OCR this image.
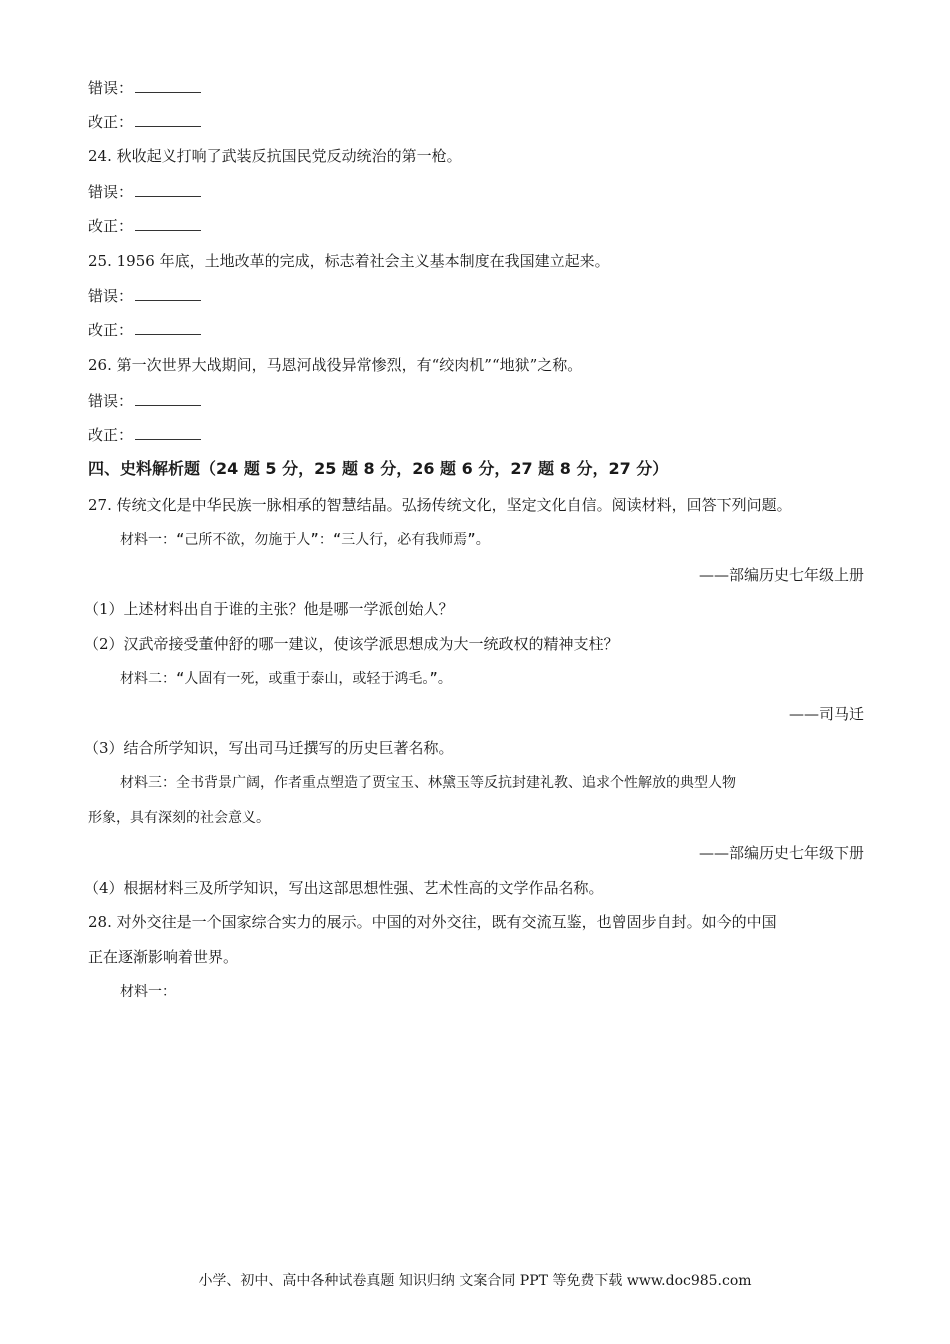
错误：
改正：
24. 秋收起义打响了武装反抗国民党反动统治的第一枪。
错误：
改正：
25. 1956 年底，土地改革的完成，标志着社会主义基本制度在我国建立起来。
错误：
改正：
26. 第一次世界大战期间，马恩河战役异常惨烈，有“绞肉机”“地狱”之称。
错误：
改正：
四、史料解析题（24 题 5 分，25 题 8 分，26 题 6 分，27 题 8 分，27 分）
27. 传统文化是中华民族一脉相承的智慧结晶。弘扬传统文化，坚定文化自信。阅读材料，回答下列问题。
材料一：“己所不欲，勿施于人”：“三人行，必有我师焉”。
——部编历史七年级上册
（1）上述材料出自于谁的主张？他是哪一学派创始人？
（2）汉武帝接受董仲舒的哪一建议，使该学派思想成为大一统政权的精神支柱？
材料二：“人固有一死，或重于泰山，或轻于鸿毛。”。
——司马迁
（3）结合所学知识，写出司马迁撰写的历史巨著名称。
材料三：全书背景广阔，作者重点塑造了贾宝玉、林黛玉等反抗封建礼教、追求个性解放的典型人物
形象，具有深刻的社会意义。
——部编历史七年级下册
（4）根据材料三及所学知识，写出这部思想性强、艺术性高的文学作品名称。
28. 对外交往是一个国家综合实力的展示。中国的对外交往，既有交流互鉴，也曾固步自封。如今的中国
正在逐渐影响着世界。
材料一：
小学、初中、高中各种试卷真题 知识归纳 文案合同 PPT 等免费下载 www.doc985.com
